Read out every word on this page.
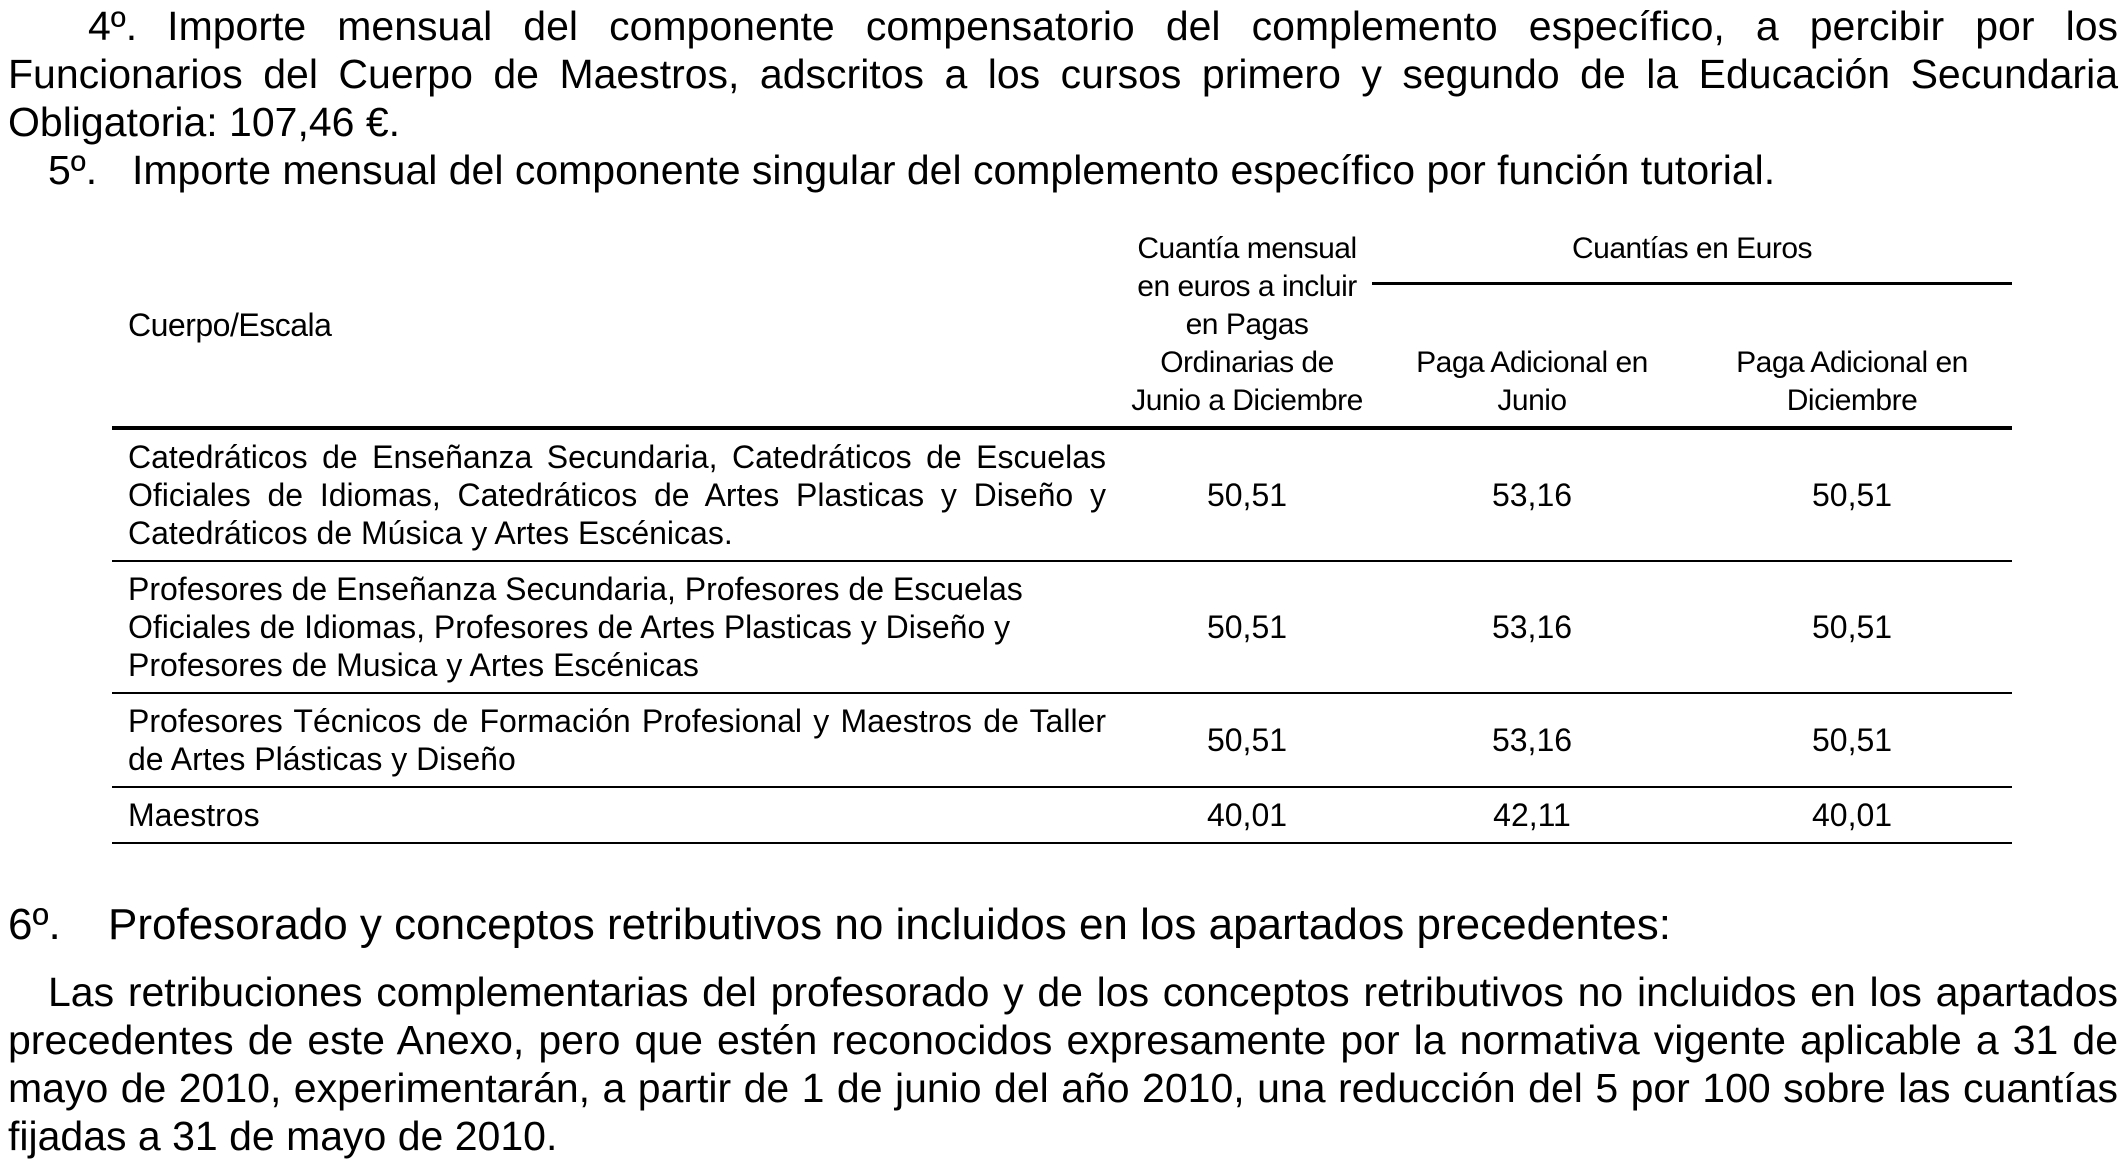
4º. Importe mensual del componente compensatorio del complemento específico, a percibir por los Funcionarios del Cuerpo de Maestros, adscritos a los cursos primero y segundo de la Educación Secundaria Obligatoria: 107,46 €.
5º. Importe mensual del componente singular del complemento específico por función tutorial.
Cuerpo/Escala	Cuantía mensual en euros a incluir en Pagas Ordinarias de Junio a Diciembre	Cuantías en Euros	
		Paga Adicional en Junio	Paga Adicional en Diciembre
Catedráticos de Enseñanza Secundaria, Catedráticos de Escuelas Oficiales de Idiomas, Catedráticos de Artes Plasticas y Diseño y Catedráticos de Música y Artes Escénicas.	50,51	53,16	50,51
Profesores de Enseñanza Secundaria, Profesores de Escuelas Oficiales de Idiomas, Profesores de Artes Plasticas y Diseño y Profesores de Musica y Artes Escénicas	50,51	53,16	50,51
Profesores Técnicos de Formación Profesional y Maestros de Taller de Artes Plásticas y Diseño	50,51	53,16	50,51
Maestros	40,01	42,11	40,01
6º. Profesorado y conceptos retributivos no incluidos en los apartados precedentes:
Las retribuciones complementarias del profesorado y de los conceptos retributivos no incluidos en los apartados precedentes de este Anexo, pero que estén reconocidos expresamente por la normativa vigente aplicable a 31 de mayo de 2010, experimentarán, a partir de 1 de junio del año 2010, una reducción del 5 por 100 sobre las cuantías fijadas a 31 de mayo de 2010.
